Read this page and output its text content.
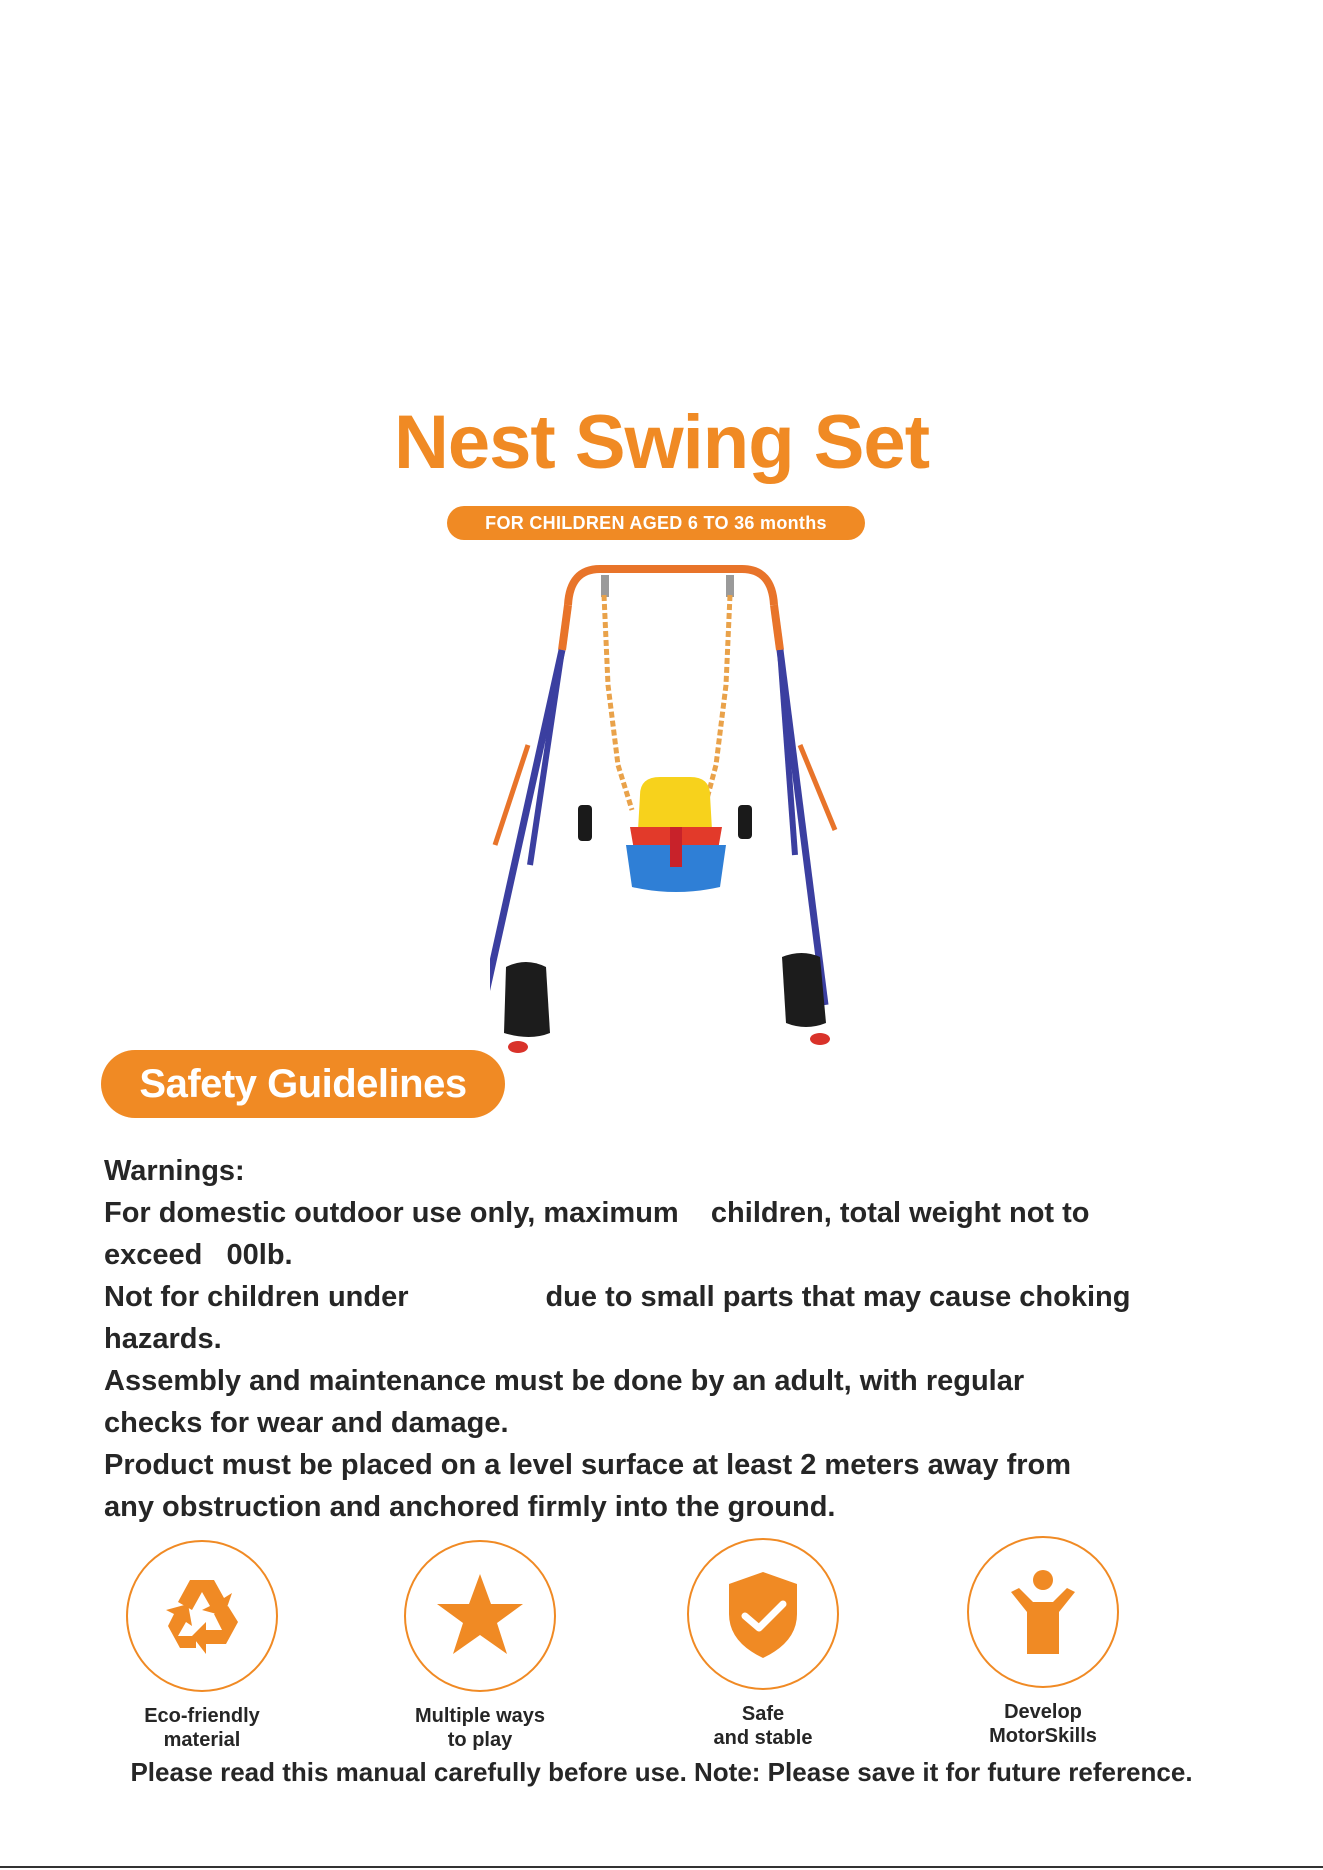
Nest Swing Set
FOR CHILDREN AGED 6 TO 36 months
Safety Guidelines

Warnings:

For domestic outdoor use only, maximum    children, total weight not to

exceed   00lb.

Not for children under                 due to small parts that may cause choking

hazards.

Assembly and maintenance must be done by an adult, with regular

checks for wear and damage.

Product must be placed on a level surface at least 2 meters away from

any obstruction and anchored firmly into the ground.

Eco-friendly
material
Multiple ways
to play
Safe
and stable
Develop
MotorSkills
Please read this manual carefully before use. Note: Please save it for future reference.
